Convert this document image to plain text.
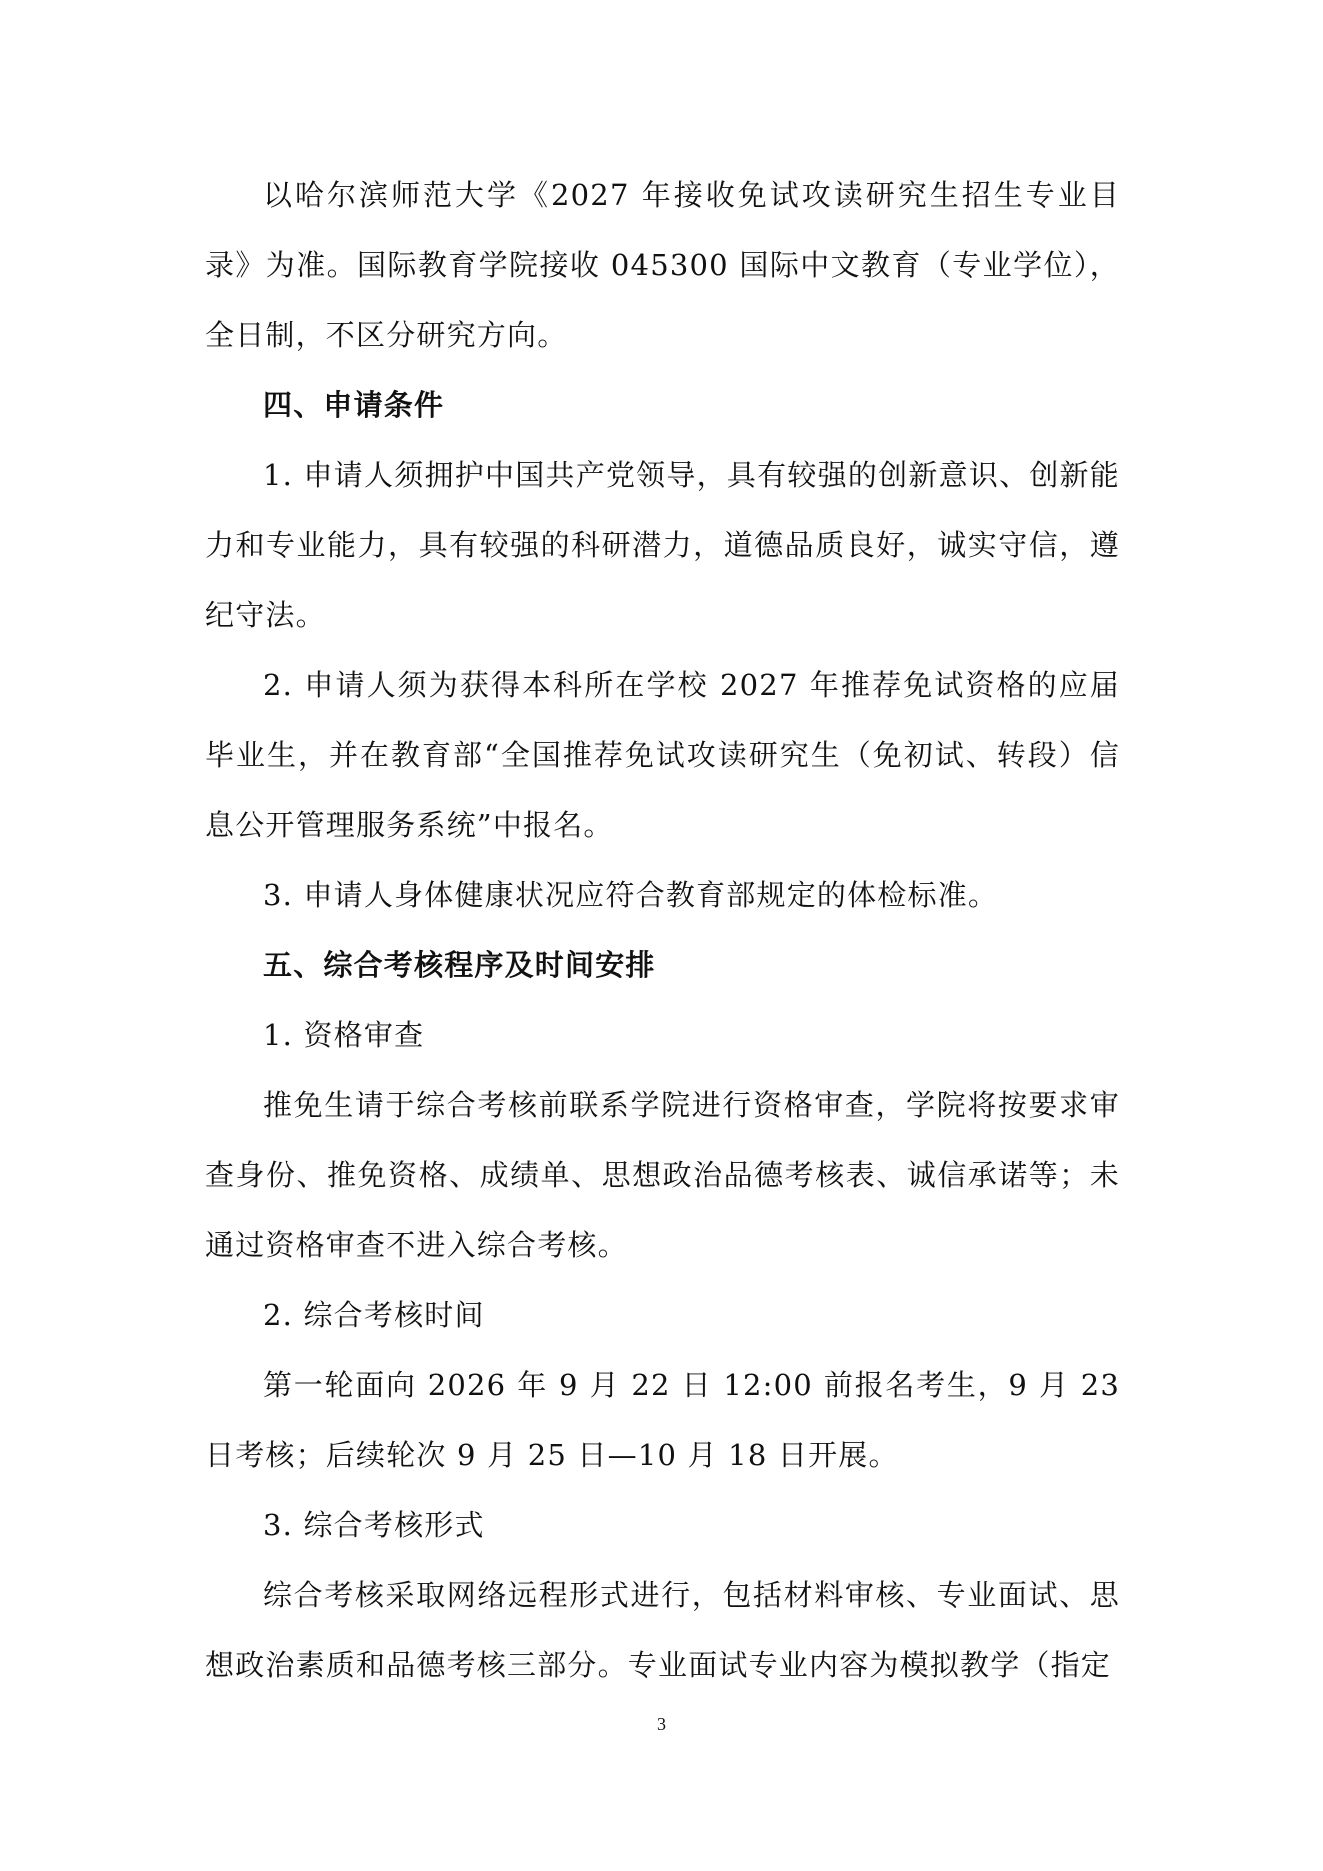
以哈尔滨师范大学《2027 年接收免试攻读研究生招生专业目录》为准。国际教育学院接收 045300 国际中文教育（专业学位），全日制，不区分研究方向。

四、申请条件

1. 申请人须拥护中国共产党领导，具有较强的创新意识、创新能力和专业能力，具有较强的科研潜力，道德品质良好，诚实守信，遵纪守法。

2. 申请人须为获得本科所在学校 2027 年推荐免试资格的应届毕业生，并在教育部“全国推荐免试攻读研究生（免初试、转段）信息公开管理服务系统”中报名。

3. 申请人身体健康状况应符合教育部规定的体检标准。

五、综合考核程序及时间安排

1. 资格审查

推免生请于综合考核前联系学院进行资格审查，学院将按要求审查身份、推免资格、成绩单、思想政治品德考核表、诚信承诺等；未通过资格审查不进入综合考核。

2. 综合考核时间

第一轮面向 2026 年 9 月 22 日 12:00 前报名考生，9 月 23 日考核；后续轮次 9 月 25 日—10 月 18 日开展。

3. 综合考核形式

综合考核采取网络远程形式进行，包括材料审核、专业面试、思想政治素质和品德考核三部分。专业面试专业内容为模拟教学（指定

3
